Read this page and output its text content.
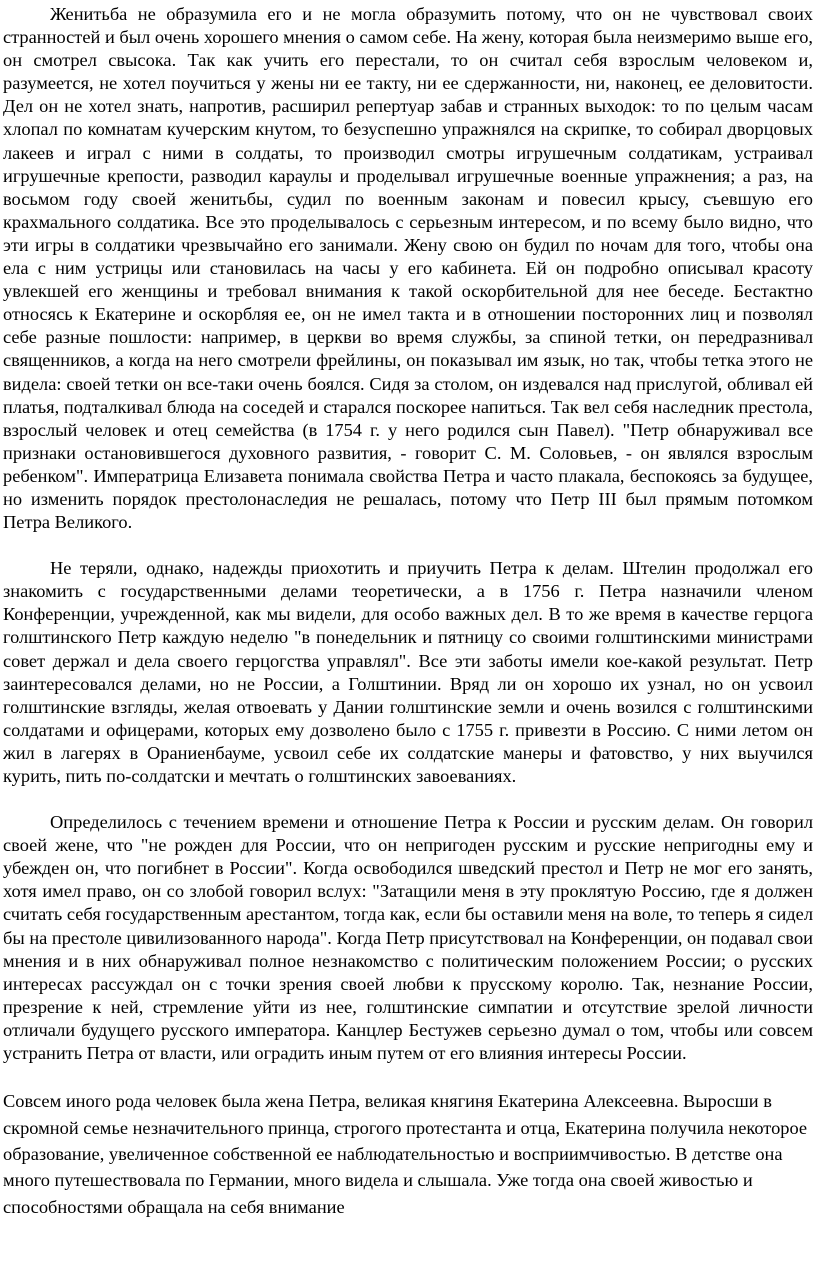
Женитьба не образумила его и не могла образумить потому, что он не чувствовал своих странностей и был очень хорошего мнения о самом себе. На жену, которая была неизмеримо выше его, он смотрел свысока. Так как учить его перестали, то он считал себя взрослым человеком и, разумеется, не хотел поучиться у жены ни ее такту, ни ее сдержанности, ни, наконец, ее деловитости. Дел он не хотел знать, напротив, расширил репертуар забав и странных выходок: то по целым часам хлопал по комнатам кучерским кнутом, то безуспешно упражнялся на скрипке, то собирал дворцовых лакеев и играл с ними в солдаты, то производил смотры игрушечным солдатикам, устраивал игрушечные крепости, разводил караулы и проделывал игрушечные военные упражнения; а раз, на восьмом году своей женитьбы, судил по военным законам и повесил крысу, съевшую его крахмального солдатика. Все это проделывалось с серьезным интересом, и по всему было видно, что эти игры в солдатики чрезвычайно его занимали. Жену свою он будил по ночам для того, чтобы она ела с ним устрицы или становилась на часы у его кабинета. Ей он подробно описывал красоту увлекшей его женщины и требовал внимания к такой оскорбительной для нее беседе. Бестактно относясь к Екатерине и оскорбляя ее, он не имел такта и в отношении посторонних лиц и позволял себе разные пошлости: например, в церкви во время службы, за спиной тетки, он передразнивал священников, а когда на него смотрели фрейлины, он показывал им язык, но так, чтобы тетка этого не видела: своей тетки он все-таки очень боялся. Сидя за столом, он издевался над прислугой, обливал ей платья, подталкивал блюда на соседей и старался поскорее напиться. Так вел себя наследник престола, взрослый человек и отец семейства (в 1754 г. у него родился сын Павел). "Петр обнаруживал все признаки остановившегося духовного развития, - говорит С. М. Соловьев, - он являлся взрослым ребенком". Императрица Елизавета понимала свойства Петра и часто плакала, беспокоясь за будущее, но изменить порядок престолонаследия не решалась, потому что Петр III был прямым потомком Петра Великого.

Не теряли, однако, надежды приохотить и приучить Петра к делам. Штелин продолжал его знакомить с государственными делами теоретически, а в 1756 г. Петра назначили членом Конференции, учрежденной, как мы видели, для особо важных дел. В то же время в качестве герцога голштинского Петр каждую неделю "в понедельник и пятницу со своими голштинскими министрами совет держал и дела своего герцогства управлял". Все эти заботы имели кое-какой результат. Петр заинтересовался делами, но не России, а Голштинии. Вряд ли он хорошо их узнал, но он усвоил голштинские взгляды, желая отвоевать у Дании голштинские земли и очень возился с голштинскими солдатами и офицерами, которых ему дозволено было с 1755 г. привезти в Россию. С ними летом он жил в лагерях в Ораниенбауме, усвоил себе их солдатские манеры и фатовство, у них выучился курить, пить по-солдатски и мечтать о голштинских завоеваниях.

Определилось с течением времени и отношение Петра к России и русским делам. Он говорил своей жене, что "не рожден для России, что он непригоден русским и русские непригодны ему и убежден он, что погибнет в России". Когда освободился шведский престол и Петр не мог его занять, хотя имел право, он со злобой говорил вслух: "Затащили меня в эту проклятую Россию, где я должен считать себя государственным арестантом, тогда как, если бы оставили меня на воле, то теперь я сидел бы на престоле цивилизованного народа". Когда Петр присутствовал на Конференции, он подавал свои мнения и в них обнаруживал полное незнакомство с политическим положением России; о русских интересах рассуждал он с точки зрения своей любви к прусскому королю. Так, незнание России, презрение к ней, стремление уйти из нее, голштинские симпатии и отсутствие зрелой личности отличали будущего русского императора. Канцлер Бестужев серьезно думал о том, чтобы или совсем устранить Петра от власти, или оградить иным путем от его влияния интересы России.

Совсем иного рода человек была жена Петра, великая княгиня Екатерина Алексеевна. Выросши в скромной семье незначительного принца, строгого протестанта и отца, Екатерина получила некоторое образование, увеличенное собственной ее наблюдательностью и восприимчивостью. В детстве она много путешествовала по Германии, много видела и слышала. Уже тогда она своей живостью и способностями обращала на себя внимание
